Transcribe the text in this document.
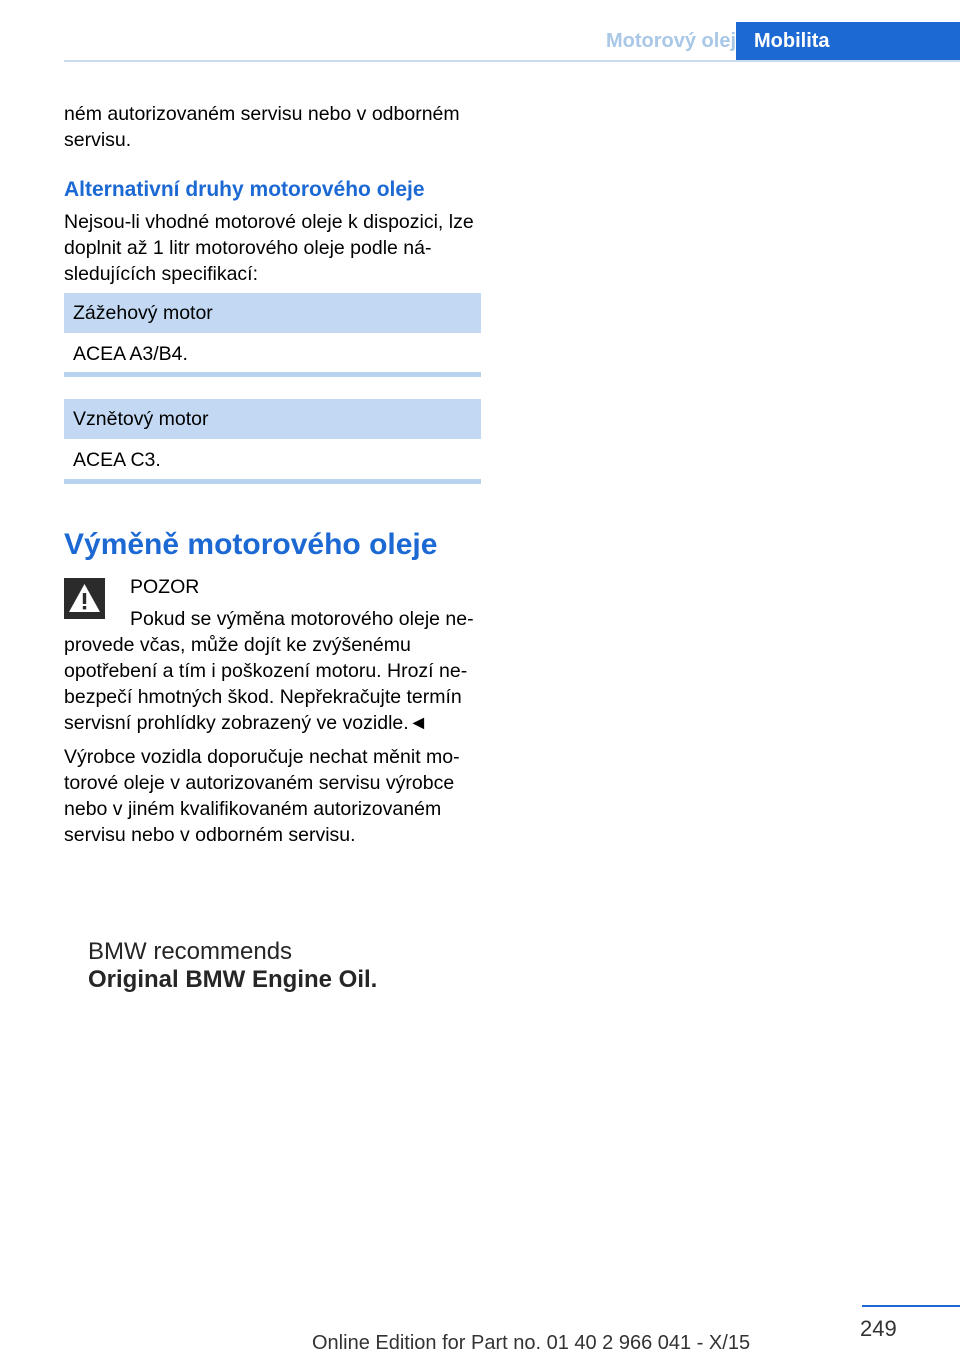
Motorový olej Mobilita

ném autorizovaném servisu nebo v odborném servisu.

Alternativní druhy motorového oleje

Nejsou-li vhodné motorové oleje k dispozici, lze doplnit až 1 litr motorového oleje podle následujících specifikací:

Zážehový motor
ACEA A3/B4.
Vznětový motor
ACEA C3.
Výměně motorového oleje
POZOR
Pokud se výměna motorového oleje neprovede včas, může dojít ke zvýšenému opotřebení a tím i poškození motoru. Hrozí nebezpečí hmotných škod. Nepřekračujte termín servisní prohlídky zobrazený ve vozidle.◄

Výrobce vozidla doporučuje nechat měnit motorové oleje v autorizovaném servisu výrobce nebo v jiném kvalifikovaném autorizovaném servisu nebo v odborném servisu.

BMW recommends
Original BMW Engine Oil.
249
Online Edition for Part no. 01 40 2 966 041 - X/15
